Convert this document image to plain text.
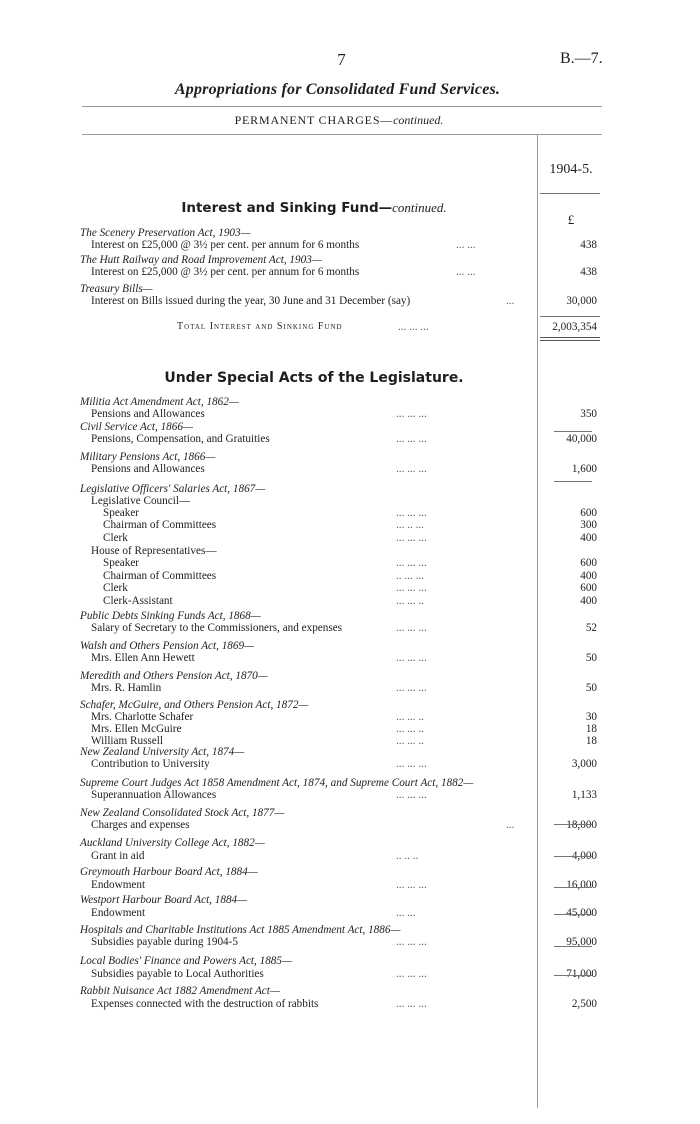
7	B.—7.
Appropriations for Consolidated Fund Services.
PERMANENT CHARGES—continued.
1904-5.
£
Interest and Sinking Fund—continued.
The Scenery Preservation Act, 1903—
Interest on £25,000 @ 3½ per cent. per annum for 6 months	... ...	438
The Hutt Railway and Road Improvement Act, 1903—
Interest on £25,000 @ 3½ per cent. per annum for 6 months	... ...	438
Treasury Bills—
Interest on Bills issued during the year, 30 June and 31 December (say)	...	30,000
Total Interest and Sinking Fund	... ... ...	2,003,354
Under Special Acts of the Legislature.
Militia Act Amendment Act, 1862—
Pensions and Allowances	... ... ...	350
Civil Service Act, 1866—
Pensions, Compensation, and Gratuities	... ... ...	40,000
Military Pensions Act, 1866—
Pensions and Allowances	... ... ...	1,600
Legislative Officers' Salaries Act, 1867—
Legislative Council—
Speaker	... ... ...	600
Chairman of Committees	... .. ...	300
Clerk	... ... ...	400
House of Representatives—
Speaker	... ... ...	600
Chairman of Committees	.. ... ...	400
Clerk	... ... ...	600
Clerk-Assistant	... ... ..	400
Public Debts Sinking Funds Act, 1868—
Salary of Secretary to the Commissioners, and expenses	... ... ...	52
Walsh and Others Pension Act, 1869—
Mrs. Ellen Ann Hewett	... ... ...	50
Meredith and Others Pension Act, 1870—
Mrs. R. Hamlin	... ... ...	50
Schafer, McGuire, and Others Pension Act, 1872—
Mrs. Charlotte Schafer	... ... ..	30
Mrs. Ellen McGuire	... ... ..	18
William Russell	... ... ..	18
New Zealand University Act, 1874—
Contribution to University	... ... ...	3,000
Supreme Court Judges Act 1858 Amendment Act, 1874, and Supreme Court Act, 1882—
Superannuation Allowances	... ... ...	1,133
New Zealand Consolidated Stock Act, 1877—
Charges and expenses	...	18,000
Auckland University College Act, 1882—
Grant in aid	.. .. ..	4,000
Greymouth Harbour Board Act, 1884—
Endowment	... ... ...	16,000
Westport Harbour Board Act, 1884—
Endowment	... ...	45,000
Hospitals and Charitable Institutions Act 1885 Amendment Act, 1886—
Subsidies payable during 1904-5	... ... ...	95,000
Local Bodies' Finance and Powers Act, 1885—
Subsidies payable to Local Authorities	... ... ...	71,000
Rabbit Nuisance Act 1882 Amendment Act—
Expenses connected with the destruction of rabbits	... ... ...	2,500
